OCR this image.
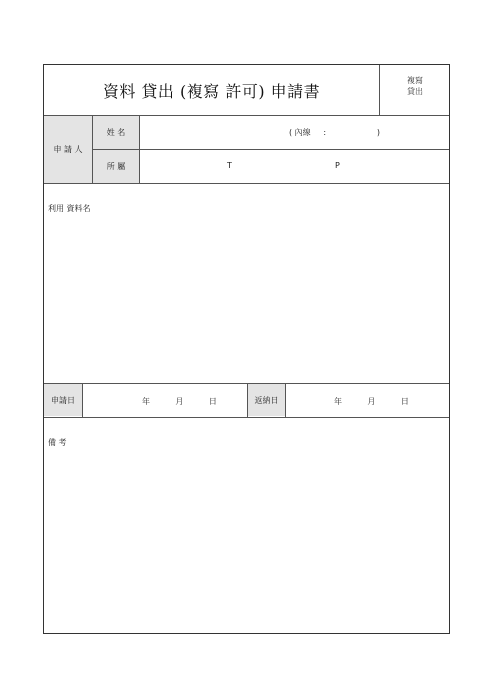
資料 貸出 (複寫 許可) 申請書
複寫
貸出
申 請 人
姓 名	( 內線     :                    )
所 屬	T	P
利用 資料名
申請日	年          月          日	返納日	年          月          日
備 考
